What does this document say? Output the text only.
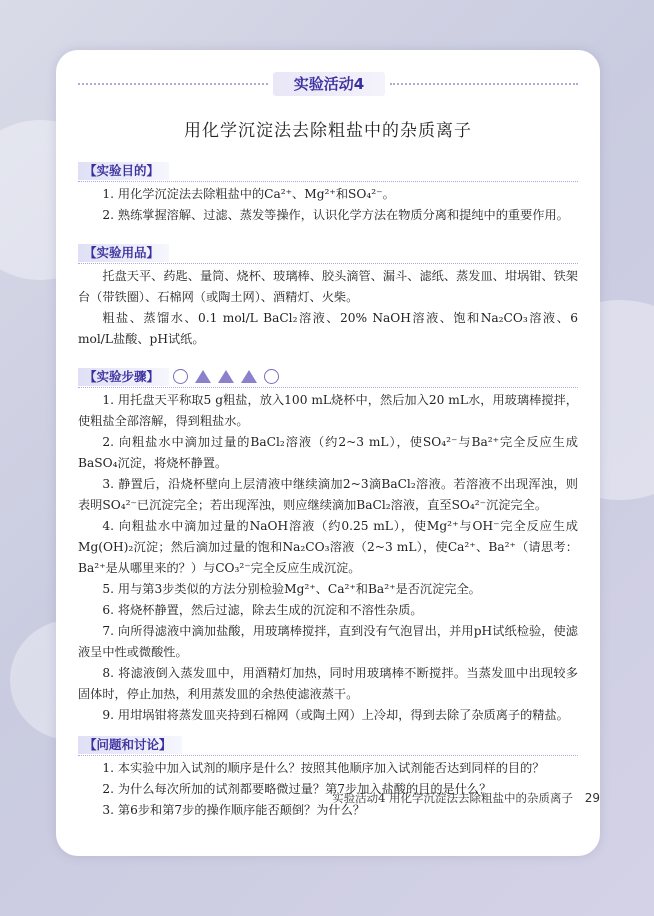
实验活动4
用化学沉淀法去除粗盐中的杂质离子
【实验目的】

1. 用化学沉淀法去除粗盐中的Ca²⁺、Mg²⁺和SO₄²⁻。

2. 熟练掌握溶解、过滤、蒸发等操作，认识化学方法在物质分离和提纯中的重要作用。

【实验用品】

托盘天平、药匙、量筒、烧杯、玻璃棒、胶头滴管、漏斗、滤纸、蒸发皿、坩埚钳、铁架台（带铁圈）、石棉网（或陶土网）、酒精灯、火柴。

粗盐、蒸馏水、0.1 mol/L BaCl₂溶液、20% NaOH溶液、饱和Na₂CO₃溶液、6 mol/L盐酸、pH试纸。

【实验步骤】

1. 用托盘天平称取5 g粗盐，放入100 mL烧杯中，然后加入20 mL水，用玻璃棒搅拌，使粗盐全部溶解，得到粗盐水。

2. 向粗盐水中滴加过量的BaCl₂溶液（约2~3 mL），使SO₄²⁻与Ba²⁺完全反应生成BaSO₄沉淀，将烧杯静置。

3. 静置后，沿烧杯壁向上层清液中继续滴加2~3滴BaCl₂溶液。若溶液不出现浑浊，则表明SO₄²⁻已沉淀完全；若出现浑浊，则应继续滴加BaCl₂溶液，直至SO₄²⁻沉淀完全。

4. 向粗盐水中滴加过量的NaOH溶液（约0.25 mL），使Mg²⁺与OH⁻完全反应生成Mg(OH)₂沉淀；然后滴加过量的饱和Na₂CO₃溶液（2~3 mL），使Ca²⁺、Ba²⁺（请思考：Ba²⁺是从哪里来的？）与CO₃²⁻完全反应生成沉淀。

5. 用与第3步类似的方法分别检验Mg²⁺、Ca²⁺和Ba²⁺是否沉淀完全。

6. 将烧杯静置，然后过滤，除去生成的沉淀和不溶性杂质。

7. 向所得滤液中滴加盐酸，用玻璃棒搅拌，直到没有气泡冒出，并用pH试纸检验，使滤液呈中性或微酸性。

8. 将滤液倒入蒸发皿中，用酒精灯加热，同时用玻璃棒不断搅拌。当蒸发皿中出现较多固体时，停止加热，利用蒸发皿的余热使滤液蒸干。

9. 用坩埚钳将蒸发皿夹持到石棉网（或陶土网）上冷却，得到去除了杂质离子的精盐。

【问题和讨论】

1. 本实验中加入试剂的顺序是什么？按照其他顺序加入试剂能否达到同样的目的？

2. 为什么每次所加的试剂都要略微过量？第7步加入盐酸的目的是什么？

3. 第6步和第7步的操作顺序能否颠倒？为什么？

实验活动4 用化学沉淀法去除粗盐中的杂质离子 29
